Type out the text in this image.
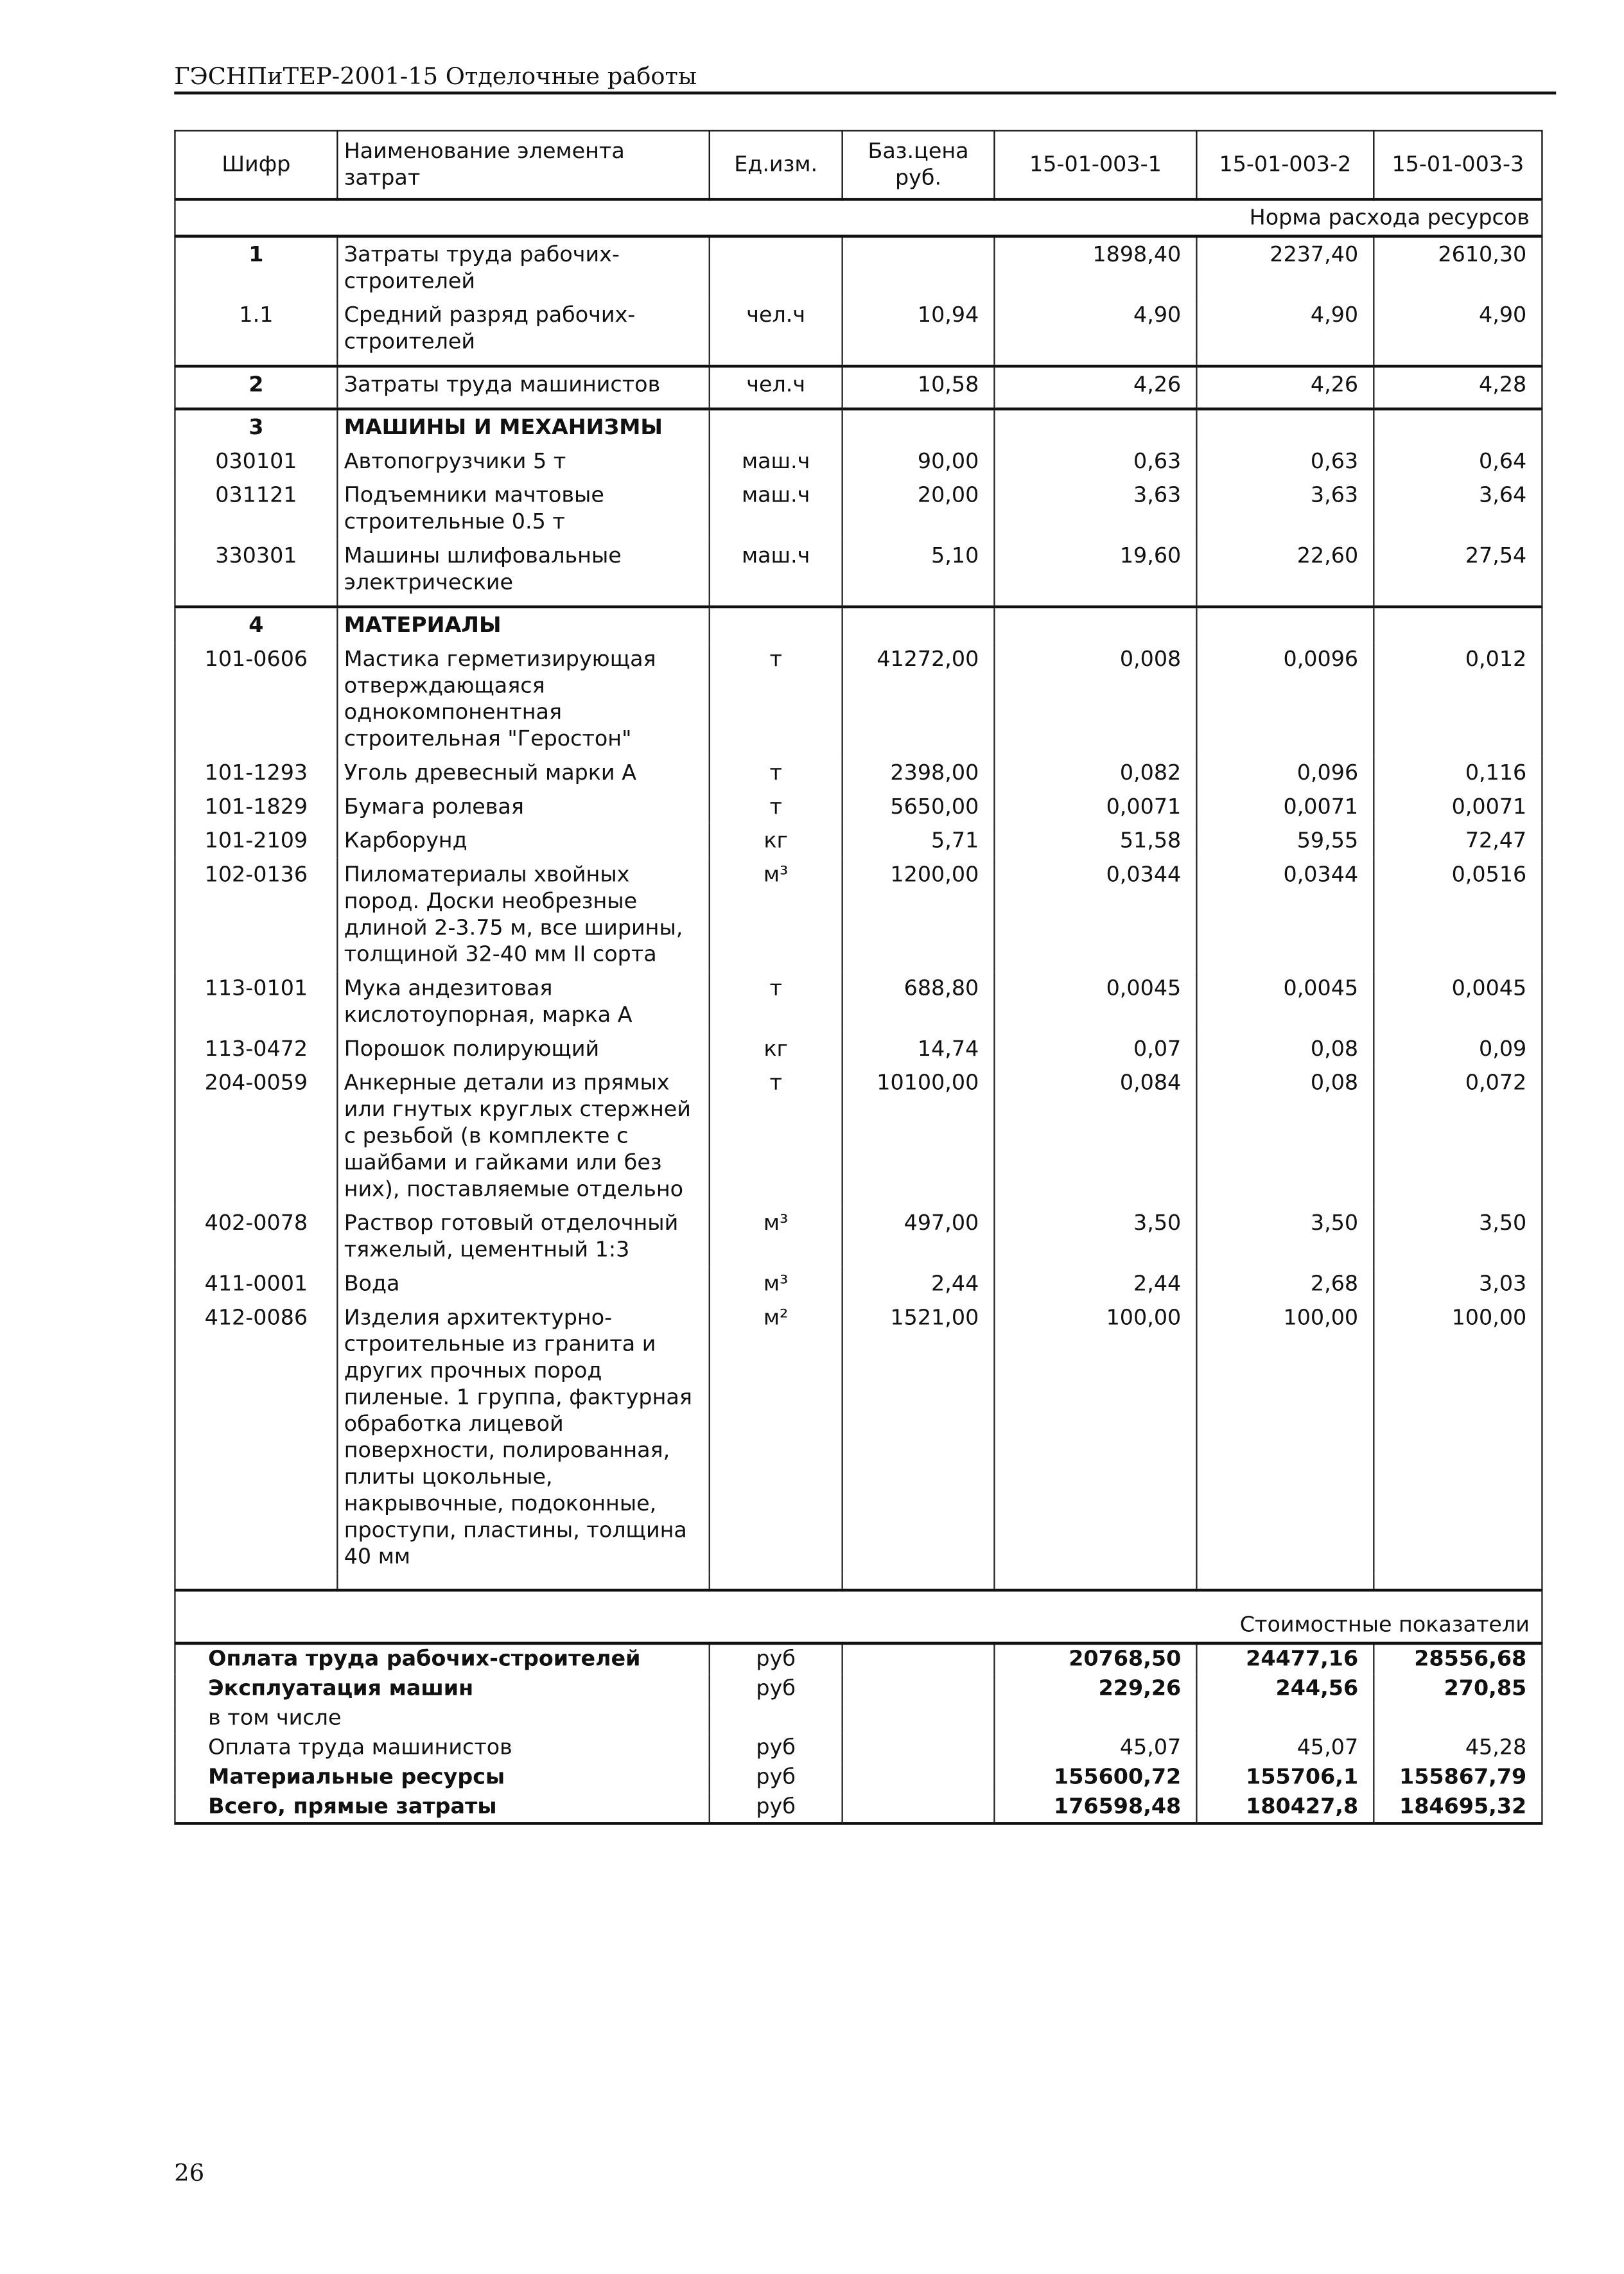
ГЭСНПиТЕР-2001-15 Отделочные работы
Шифр	Наименование элемента затрат	Ед.изм.	Баз.цена руб.	15-01-003-1	15-01-003-2	15-01-003-3
Норма расхода ресурсов						
1	Затраты труда рабочих-строителей			1898,40	2237,40	2610,30
1.1	Средний разряд рабочих-строителей	чел.ч	10,94	4,90	4,90	4,90

2	Затраты труда машинистов	чел.ч	10,58	4,26	4,26	4,28

3	МАШИНЫ И МЕХАНИЗМЫ					
030101	Автопогрузчики 5 т	маш.ч	90,00	0,63	0,63	0,64
031121	Подъемники мачтовые строительные 0.5 т	маш.ч	20,00	3,63	3,63	3,64
330301	Машины шлифовальные электрические	маш.ч	5,10	19,60	22,60	27,54

4	МАТЕРИАЛЫ					
101-0606	Мастика герметизирующая отверждающаяся однокомпонентная строительная "Геростон"	т	41272,00	0,008	0,0096	0,012
101-1293	Уголь древесный марки А	т	2398,00	0,082	0,096	0,116
101-1829	Бумага ролевая	т	5650,00	0,0071	0,0071	0,0071
101-2109	Карборунд	кг	5,71	51,58	59,55	72,47
102-0136	Пиломатериалы хвойных пород. Доски необрезные длиной 2-3.75 м, все ширины, толщиной 32-40 мм II сорта	м³	1200,00	0,0344	0,0344	0,0516
113-0101	Мука андезитовая кислотоупорная, марка А	т	688,80	0,0045	0,0045	0,0045
113-0472	Порошок полирующий	кг	14,74	0,07	0,08	0,09
204-0059	Анкерные детали из прямых или гнутых круглых стержней с резьбой (в комплекте с шайбами и гайками или без них), поставляемые отдельно	т	10100,00	0,084	0,08	0,072
402-0078	Раствор готовый отделочный тяжелый, цементный 1:3	м³	497,00	3,50	3,50	3,50
411-0001	Вода	м³	2,44	2,44	2,68	3,03
412-0086	Изделия архитектурно-строительные из гранита и других прочных пород пиленые. 1 группа, фактурная обработка лицевой поверхности, полированная, плиты цокольные, накрывочные, подоконные, проступи, пластины, толщина 40 мм	м²	1521,00	100,00	100,00	100,00

Стоимостные показатели						
Оплата труда рабочих-строителей		руб		20768,50	24477,16	28556,68
Эксплуатация машин		руб		229,26	244,56	270,85
в том числе						
Оплата труда машинистов		руб		45,07	45,07	45,28
Материальные ресурсы		руб		155600,72	155706,1	155867,79
Всего, прямые затраты		руб		176598,48	180427,8	184695,32
26
